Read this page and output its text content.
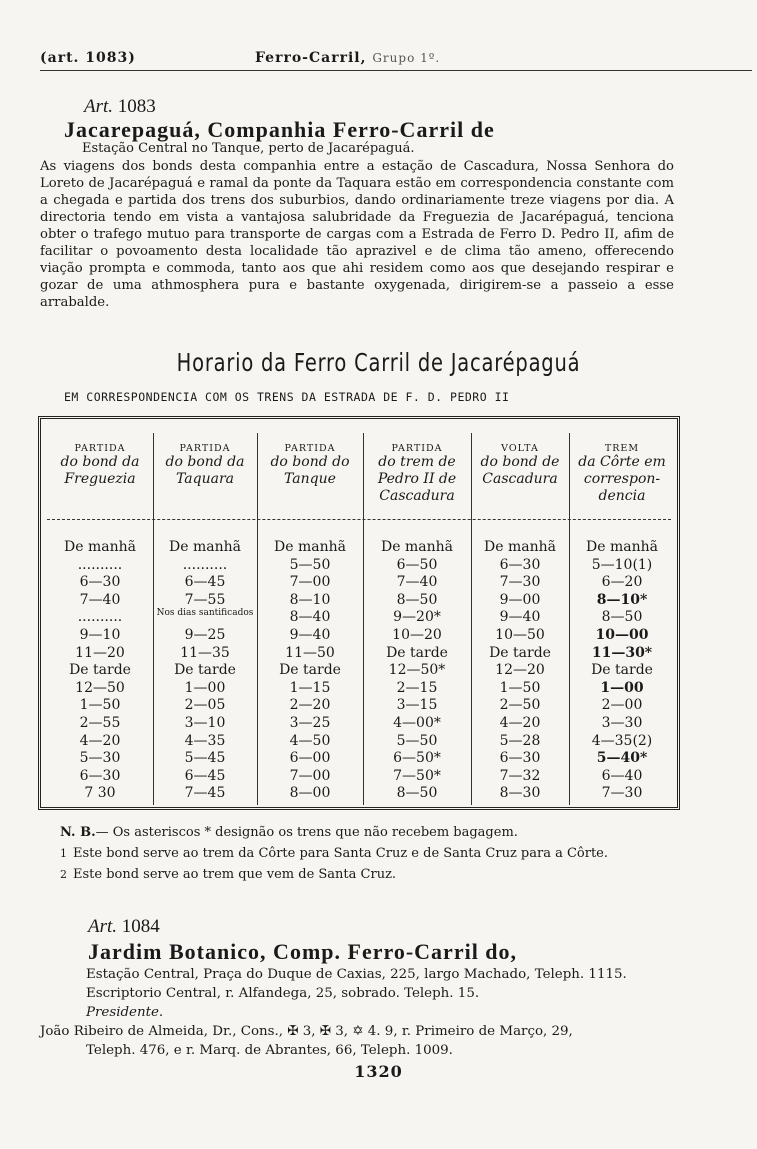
(art. 1083)	Ferro-Carril, Grupo 1º.
Art. 1083
Jacarepaguá, Companhia Ferro-Carril de
Estação Central no Tanque, perto de Jacarépaguá.
As viagens dos bonds desta companhia entre a estação de Cascadura, Nossa Senhora do Loreto de Jacarépaguá e ramal da ponte da Taquara estão em correspondencia constante com a chegada e partida dos trens dos suburbios, dando ordinariamente treze viagens por dia. A directoria tendo em vista a vantajosa salubridade da Freguezia de Jacarépaguá, tenciona obter o trafego mutuo para transporte de cargas com a Estrada de Ferro D. Pedro II, afim de facilitar o povoamento desta localidade tão aprazivel e de clima tão ameno, offerecendo viação prompta e commoda, tanto aos que ahi residem como aos que desejando respirar e gozar de uma athmosphera pura e bastante oxygenada, dirigirem-se a passeio a esse arrabalde.
Horario da Ferro Carril de Jacarépaguá
EM CORRESPONDENCIA COM OS TRENS DA ESTRADA DE F. D. PEDRO II
PARTIDA
do bond da
Freguezia
De manhã
..........
6—30
7—40
..........
9—10
11—20
De tarde
12—50
1—50
2—55
4—20
5—30
6—30
7 30
PARTIDA
do bond da
Taquara
De manhã
..........
6—45
7—55
Nos dias santificados
9—25
11—35
De tarde
1—00
2—05
3—10
4—35
5—45
6—45
7—45
PARTIDA
do bond do
Tanque
De manhã
5—50
7—00
8—10
8—40
9—40
11—50
De tarde
1—15
2—20
3—25
4—50
6—00
7—00
8—00
PARTIDA
do trem de
Pedro II de
Cascadura
De manhã
6—50
7—40
8—50
9—20*
10—20
De tarde
12—50*
2—15
3—15
4—00*
5—50
6—50*
7—50*
8—50
VOLTA
do bond de
Cascadura
De manhã
6—30
7—30
9—00
9—40
10—50
De tarde
12—20
1—50
2—50
4—20
5—28
6—30
7—32
8—30
TREM
da Côrte em
correspon-
dencia
De manhã
5—10(1)
6—20
8—10*
8—50
10—00
11—30*
De tarde
1—00
2—00
3—30
4—35(2)
5—40*
6—40
7—30
N. B.— Os asteriscos * designão os trens que não recebem bagagem.
1 Este bond serve ao trem da Côrte para Santa Cruz e de Santa Cruz para a Côrte.
2 Este bond serve ao trem que vem de Santa Cruz.
Art. 1084
Jardim Botanico, Comp. Ferro-Carril do,
Estação Central, Praça do Duque de Caxias, 225, largo Machado, Teleph. 1115.
Escriptorio Central, r. Alfandega, 25, sobrado. Teleph. 15.
Presidente.
João Ribeiro de Almeida, Dr., Cons., ✠ 3, ✠ 3, ✡ 4. 9, r. Primeiro de Março, 29,
Teleph. 476, e r. Marq. de Abrantes, 66, Teleph. 1009.
1320
